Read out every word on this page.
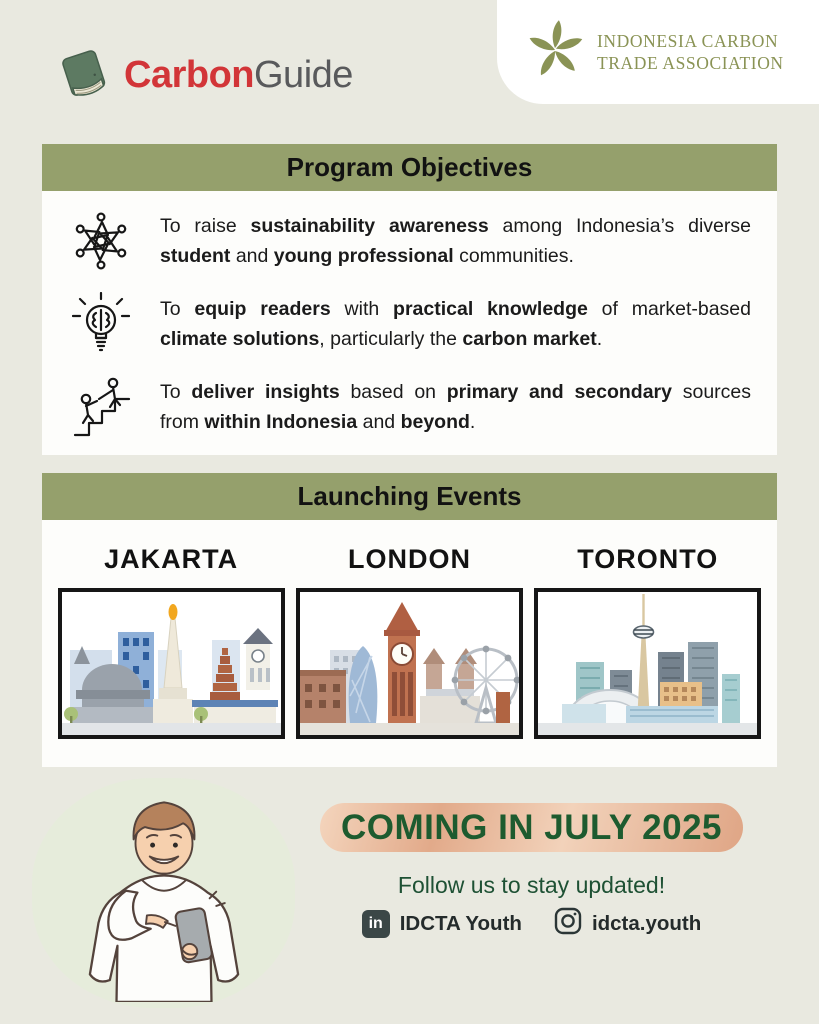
CarbonGuide
INDONESIA CARBON
TRADE ASSOCIATION
Program Objectives
To raise sustainability awareness among Indonesia’s diverse student and young professional communities.
To equip readers with practical knowledge of market-based climate solutions, particularly the carbon market.
To deliver insights based on primary and secondary sources from within Indonesia and beyond.
Launching Events
JAKARTA	LONDON	TORONTO
COMING IN JULY 2025
Follow us to stay updated!
in IDCTA Youth	idcta.youth
